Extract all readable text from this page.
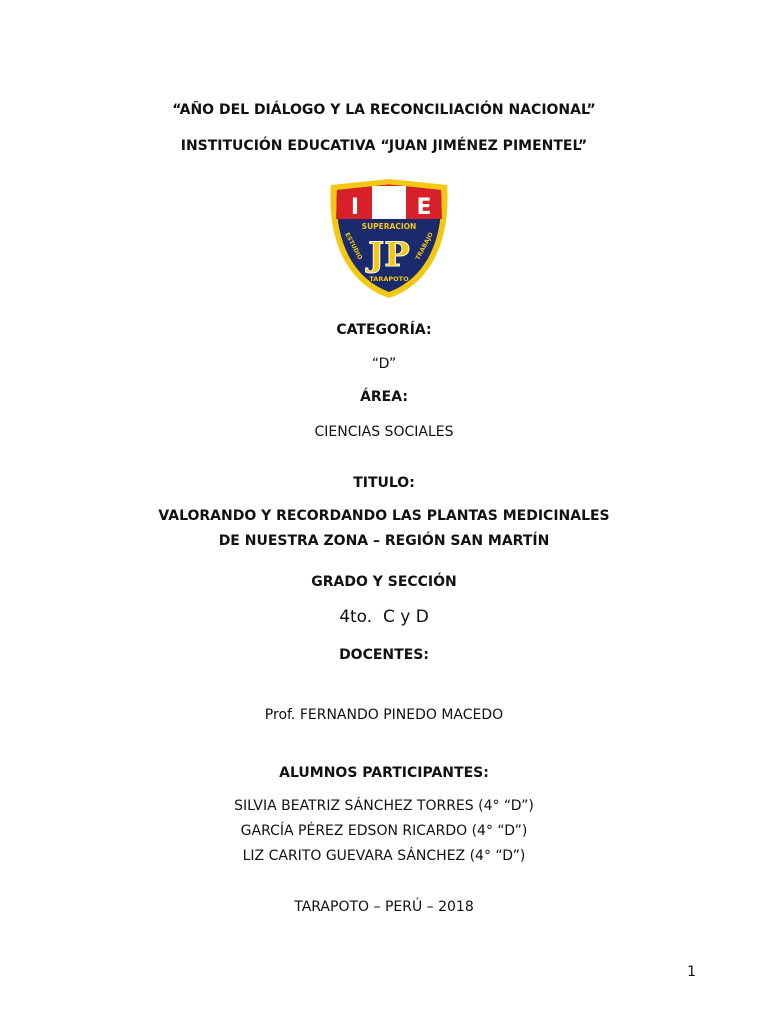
“AÑO DEL DIÁLOGO Y LA RECONCILIACIÓN NACIONAL”
INSTITUCIÓN EDUCATIVA “JUAN JIMÉNEZ PIMENTEL”
I	E
SUPERACION
ESTUDIO	TRABAJO
JP
TARAPOTO
CATEGORÍA:
“D”
ÁREA:
CIENCIAS SOCIALES
TITULO:
VALORANDO Y RECORDANDO LAS PLANTAS MEDICINALES
DE NUESTRA ZONA – REGIÓN SAN MARTÍN
GRADO Y SECCIÓN
4to.  C y D
DOCENTES:
Prof. FERNANDO PINEDO MACEDO
ALUMNOS PARTICIPANTES:
SILVIA BEATRIZ SÁNCHEZ TORRES (4° “D”)
GARCÍA PÉREZ EDSON RICARDO (4° “D”)
LIZ CARITO GUEVARA SÁNCHEZ (4° “D”)
TARAPOTO – PERÚ – 2018
1
